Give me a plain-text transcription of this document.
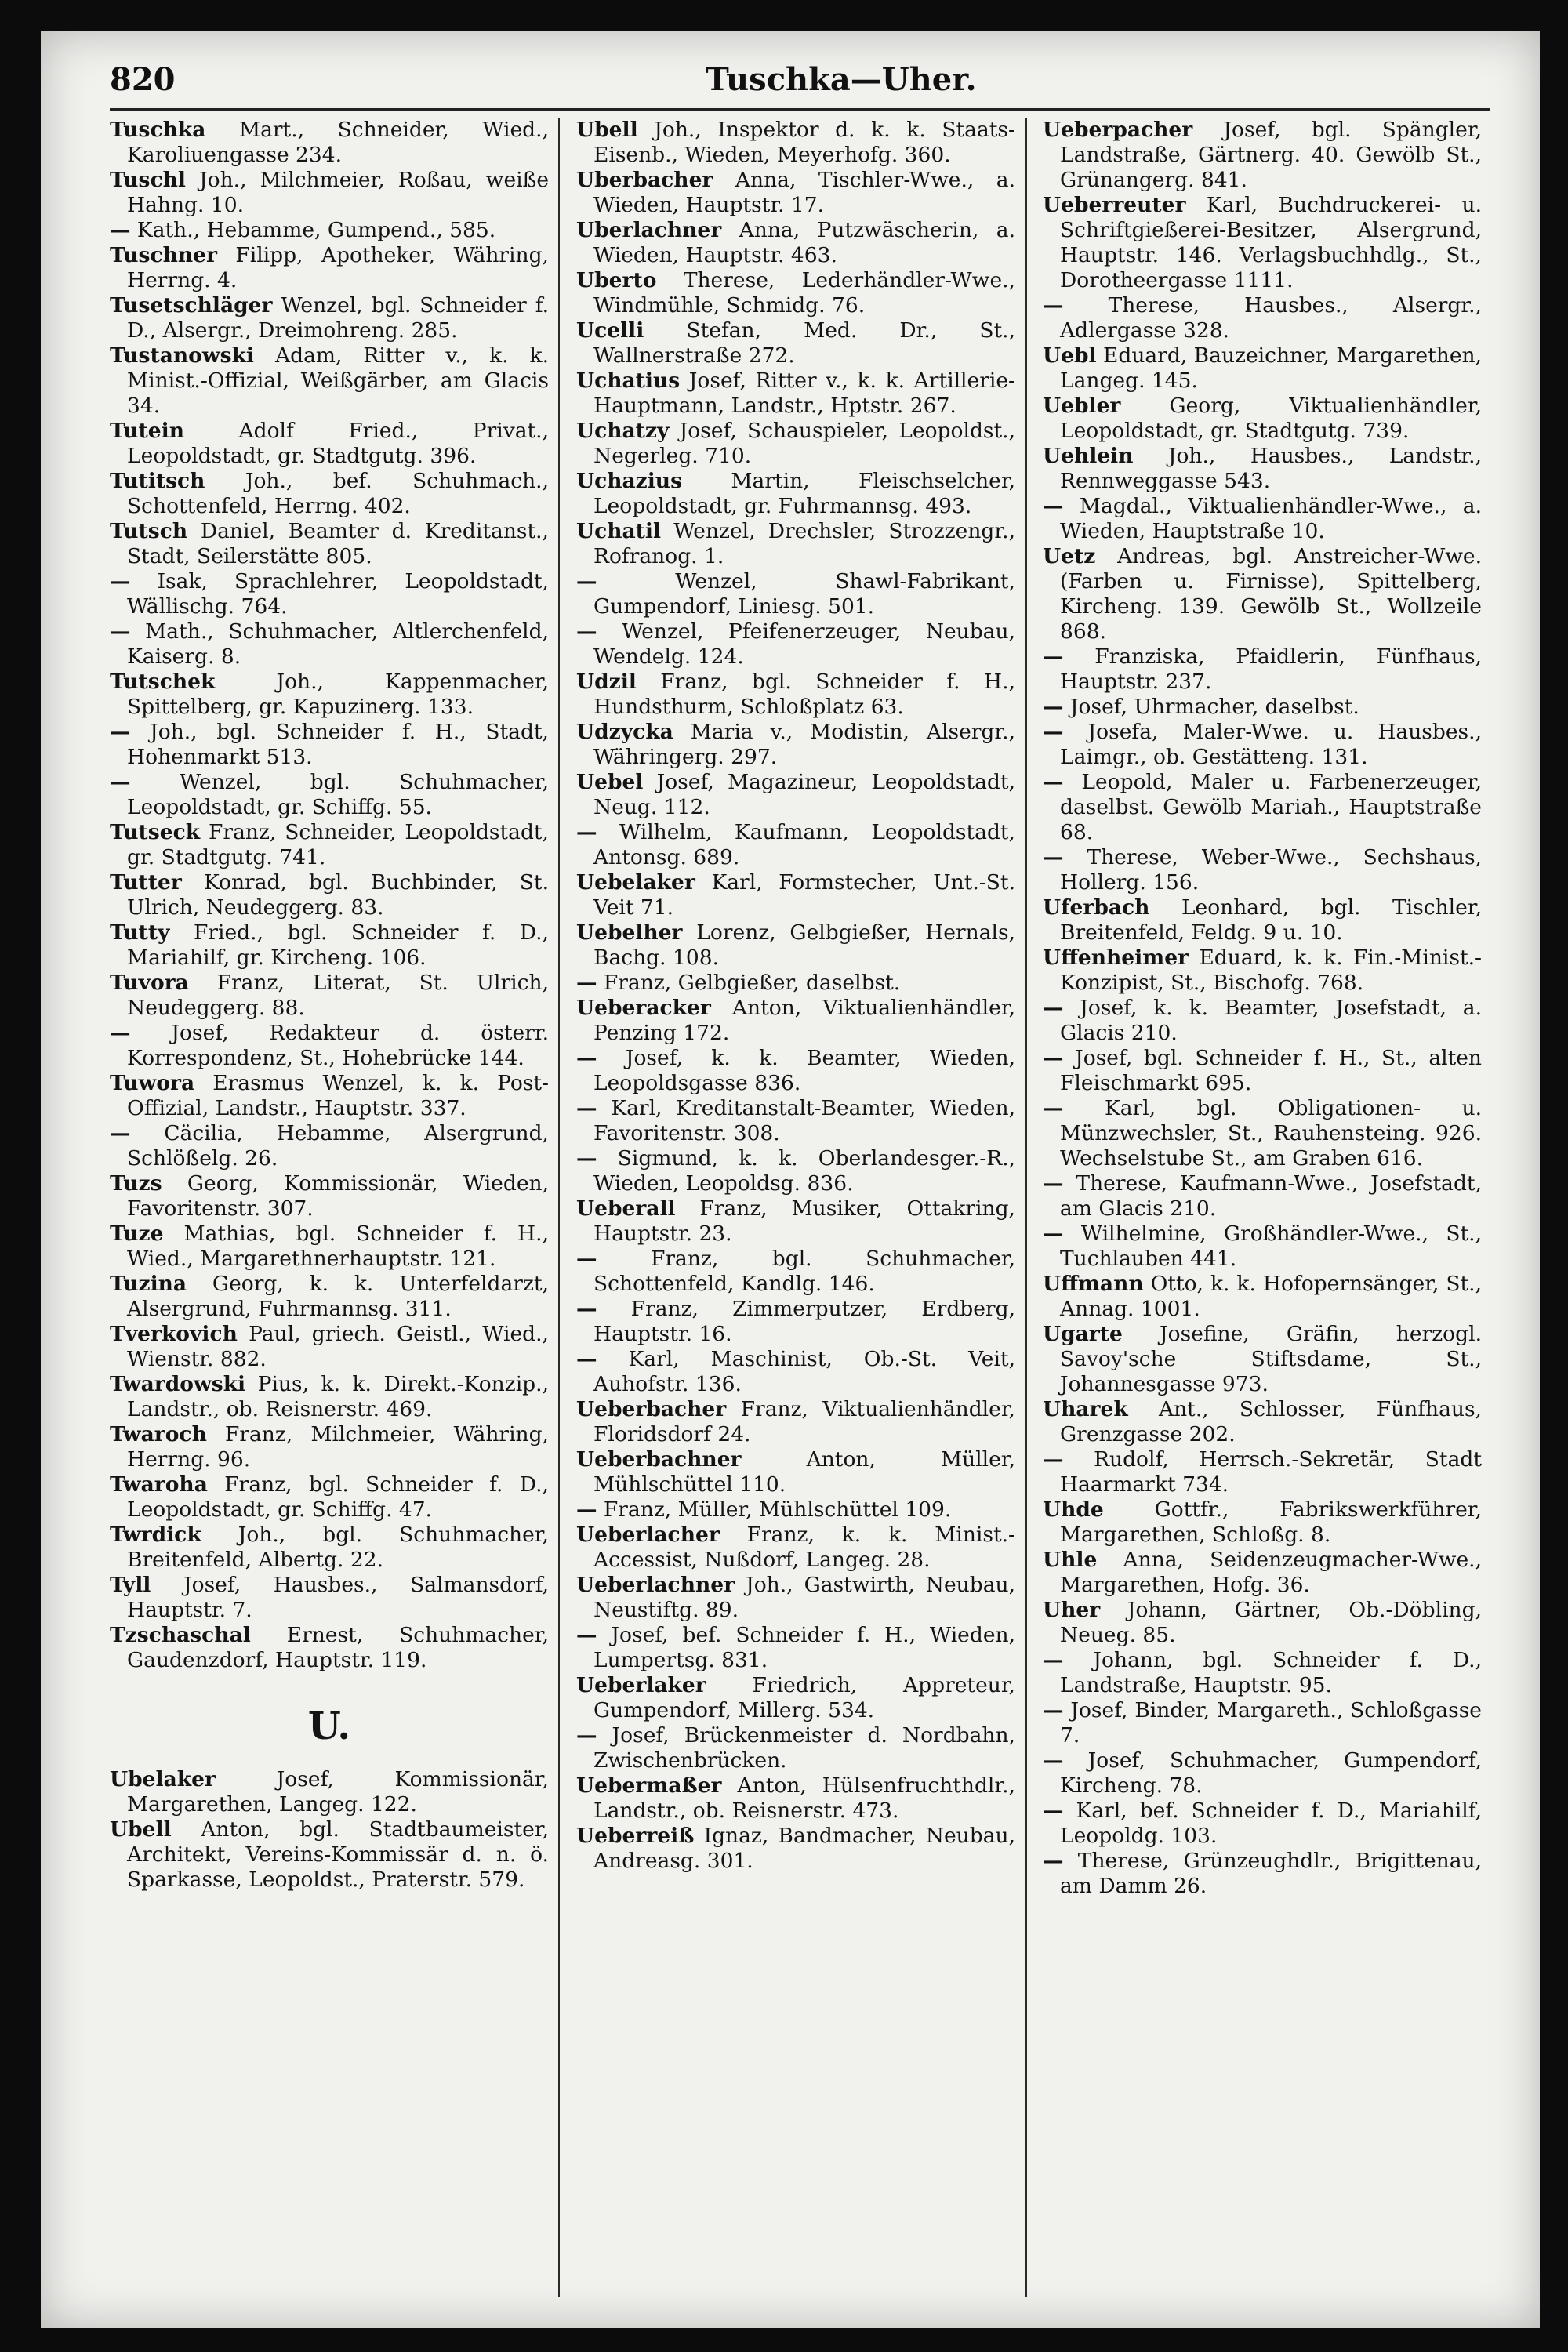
820	Tuschka—Uher.

Tuschka Mart., Schneider, Wied., Karoliuengasse 234.

Tuschl Joh., Milchmeier, Roßau, weiße Hahng. 10.

— Kath., Hebamme, Gumpend., 585.

Tuschner Filipp, Apotheker, Währing, Herrng. 4.

Tusetschläger Wenzel, bgl. Schneider f. D., Alsergr., Dreimohreng. 285.

Tustanowski Adam, Ritter v., k. k. Minist.-Offizial, Weißgärber, am Glacis 34.

Tutein Adolf Fried., Privat., Leopoldstadt, gr. Stadtgutg. 396.

Tutitsch Joh., bef. Schuhmach., Schottenfeld, Herrng. 402.

Tutsch Daniel, Beamter d. Kreditanst., Stadt, Seilerstätte 805.

— Isak, Sprachlehrer, Leopoldstadt, Wällischg. 764.

— Math., Schuhmacher, Altlerchenfeld, Kaiserg. 8.

Tutschek Joh., Kappenmacher, Spittelberg, gr. Kapuzinerg. 133.

— Joh., bgl. Schneider f. H., Stadt, Hohenmarkt 513.

— Wenzel, bgl. Schuhmacher, Leopoldstadt, gr. Schiffg. 55.

Tutseck Franz, Schneider, Leopoldstadt, gr. Stadtgutg. 741.

Tutter Konrad, bgl. Buchbinder, St. Ulrich, Neudeggerg. 83.

Tutty Fried., bgl. Schneider f. D., Mariahilf, gr. Kircheng. 106.

Tuvora Franz, Literat, St. Ulrich, Neudeggerg. 88.

— Josef, Redakteur d. österr. Korrespondenz, St., Hohebrücke 144.

Tuwora Erasmus Wenzel, k. k. Post-Offizial, Landstr., Hauptstr. 337.

— Cäcilia, Hebamme, Alsergrund, Schlößelg. 26.

Tuzs Georg, Kommissionär, Wieden, Favoritenstr. 307.

Tuze Mathias, bgl. Schneider f. H., Wied., Margarethnerhauptstr. 121.

Tuzina Georg, k. k. Unterfeldarzt, Alsergrund, Fuhrmannsg. 311.

Tverkovich Paul, griech. Geistl., Wied., Wienstr. 882.

Twardowski Pius, k. k. Direkt.-Konzip., Landstr., ob. Reisnerstr. 469.

Twaroch Franz, Milchmeier, Währing, Herrng. 96.

Twaroha Franz, bgl. Schneider f. D., Leopoldstadt, gr. Schiffg. 47.

Twrdick Joh., bgl. Schuhmacher, Breitenfeld, Albertg. 22.

Tyll Josef, Hausbes., Salmansdorf, Hauptstr. 7.

Tzschaschal Ernest, Schuhmacher, Gaudenzdorf, Hauptstr. 119.

U.

Ubelaker Josef, Kommissionär, Margarethen, Langeg. 122.

Ubell Anton, bgl. Stadtbaumeister, Architekt, Vereins-Kommissär d. n. ö. Sparkasse, Leopoldst., Praterstr. 579.

Ubell Joh., Inspektor d. k. k. Staats-Eisenb., Wieden, Meyerhofg. 360.

Uberbacher Anna, Tischler-Wwe., a. Wieden, Hauptstr. 17.

Uberlachner Anna, Putzwäscherin, a. Wieden, Hauptstr. 463.

Uberto Therese, Lederhändler-Wwe., Windmühle, Schmidg. 76.

Ucelli Stefan, Med. Dr., St., Wallnerstraße 272.

Uchatius Josef, Ritter v., k. k. Artillerie-Hauptmann, Landstr., Hptstr. 267.

Uchatzy Josef, Schauspieler, Leopoldst., Negerleg. 710.

Uchazius Martin, Fleischselcher, Leopoldstadt, gr. Fuhrmannsg. 493.

Uchatil Wenzel, Drechsler, Strozzengr., Rofranog. 1.

— Wenzel, Shawl-Fabrikant, Gumpendorf, Liniesg. 501.

— Wenzel, Pfeifenerzeuger, Neubau, Wendelg. 124.

Udzil Franz, bgl. Schneider f. H., Hundsthurm, Schloßplatz 63.

Udzycka Maria v., Modistin, Alsergr., Währingerg. 297.

Uebel Josef, Magazineur, Leopoldstadt, Neug. 112.

— Wilhelm, Kaufmann, Leopoldstadt, Antonsg. 689.

Uebelaker Karl, Formstecher, Unt.-St. Veit 71.

Uebelher Lorenz, Gelbgießer, Hernals, Bachg. 108.

— Franz, Gelbgießer, daselbst.

Ueberacker Anton, Viktualienhändler, Penzing 172.

— Josef, k. k. Beamter, Wieden, Leopoldsgasse 836.

— Karl, Kreditanstalt-Beamter, Wieden, Favoritenstr. 308.

— Sigmund, k. k. Oberlandesger.-R., Wieden, Leopoldsg. 836.

Ueberall Franz, Musiker, Ottakring, Hauptstr. 23.

— Franz, bgl. Schuhmacher, Schottenfeld, Kandlg. 146.

— Franz, Zimmerputzer, Erdberg, Hauptstr. 16.

— Karl, Maschinist, Ob.-St. Veit, Auhofstr. 136.

Ueberbacher Franz, Viktualienhändler, Floridsdorf 24.

Ueberbachner Anton, Müller, Mühlschüttel 110.

— Franz, Müller, Mühlschüttel 109.

Ueberlacher Franz, k. k. Minist.-Accessist, Nußdorf, Langeg. 28.

Ueberlachner Joh., Gastwirth, Neubau, Neustiftg. 89.

— Josef, bef. Schneider f. H., Wieden, Lumpertsg. 831.

Ueberlaker Friedrich, Appreteur, Gumpendorf, Millerg. 534.

— Josef, Brückenmeister d. Nordbahn, Zwischenbrücken.

Uebermaßer Anton, Hülsenfruchthdlr., Landstr., ob. Reisnerstr. 473.

Ueberreiß Ignaz, Bandmacher, Neubau, Andreasg. 301.

Ueberpacher Josef, bgl. Spängler, Landstraße, Gärtnerg. 40. Gewölb St., Grünangerg. 841.

Ueberreuter Karl, Buchdruckerei- u. Schriftgießerei-Besitzer, Alsergrund, Hauptstr. 146. Verlagsbuchhdlg., St., Dorotheergasse 1111.

— Therese, Hausbes., Alsergr., Adlergasse 328.

Uebl Eduard, Bauzeichner, Margarethen, Langeg. 145.

Uebler Georg, Viktualienhändler, Leopoldstadt, gr. Stadtgutg. 739.

Uehlein Joh., Hausbes., Landstr., Rennweggasse 543.

— Magdal., Viktualienhändler-Wwe., a. Wieden, Hauptstraße 10.

Uetz Andreas, bgl. Anstreicher-Wwe. (Farben u. Firnisse), Spittelberg, Kircheng. 139. Gewölb St., Wollzeile 868.

— Franziska, Pfaidlerin, Fünfhaus, Hauptstr. 237.

— Josef, Uhrmacher, daselbst.

— Josefa, Maler-Wwe. u. Hausbes., Laimgr., ob. Gestätteng. 131.

— Leopold, Maler u. Farbenerzeuger, daselbst. Gewölb Mariah., Hauptstraße 68.

— Therese, Weber-Wwe., Sechshaus, Hollerg. 156.

Uferbach Leonhard, bgl. Tischler, Breitenfeld, Feldg. 9 u. 10.

Uffenheimer Eduard, k. k. Fin.-Minist.-Konzipist, St., Bischofg. 768.

— Josef, k. k. Beamter, Josefstadt, a. Glacis 210.

— Josef, bgl. Schneider f. H., St., alten Fleischmarkt 695.

— Karl, bgl. Obligationen- u. Münzwechsler, St., Rauhensteing. 926. Wechselstube St., am Graben 616.

— Therese, Kaufmann-Wwe., Josefstadt, am Glacis 210.

— Wilhelmine, Großhändler-Wwe., St., Tuchlauben 441.

Uffmann Otto, k. k. Hofopernsänger, St., Annag. 1001.

Ugarte Josefine, Gräfin, herzogl. Savoy'sche Stiftsdame, St., Johannesgasse 973.

Uharek Ant., Schlosser, Fünfhaus, Grenzgasse 202.

— Rudolf, Herrsch.-Sekretär, Stadt Haarmarkt 734.

Uhde Gottfr., Fabrikswerkführer, Margarethen, Schloßg. 8.

Uhle Anna, Seidenzeugmacher-Wwe., Margarethen, Hofg. 36.

Uher Johann, Gärtner, Ob.-Döbling, Neueg. 85.

— Johann, bgl. Schneider f. D., Landstraße, Hauptstr. 95.

— Josef, Binder, Margareth., Schloßgasse 7.

— Josef, Schuhmacher, Gumpendorf, Kircheng. 78.

— Karl, bef. Schneider f. D., Mariahilf, Leopoldg. 103.

— Therese, Grünzeughdlr., Brigittenau, am Damm 26.
